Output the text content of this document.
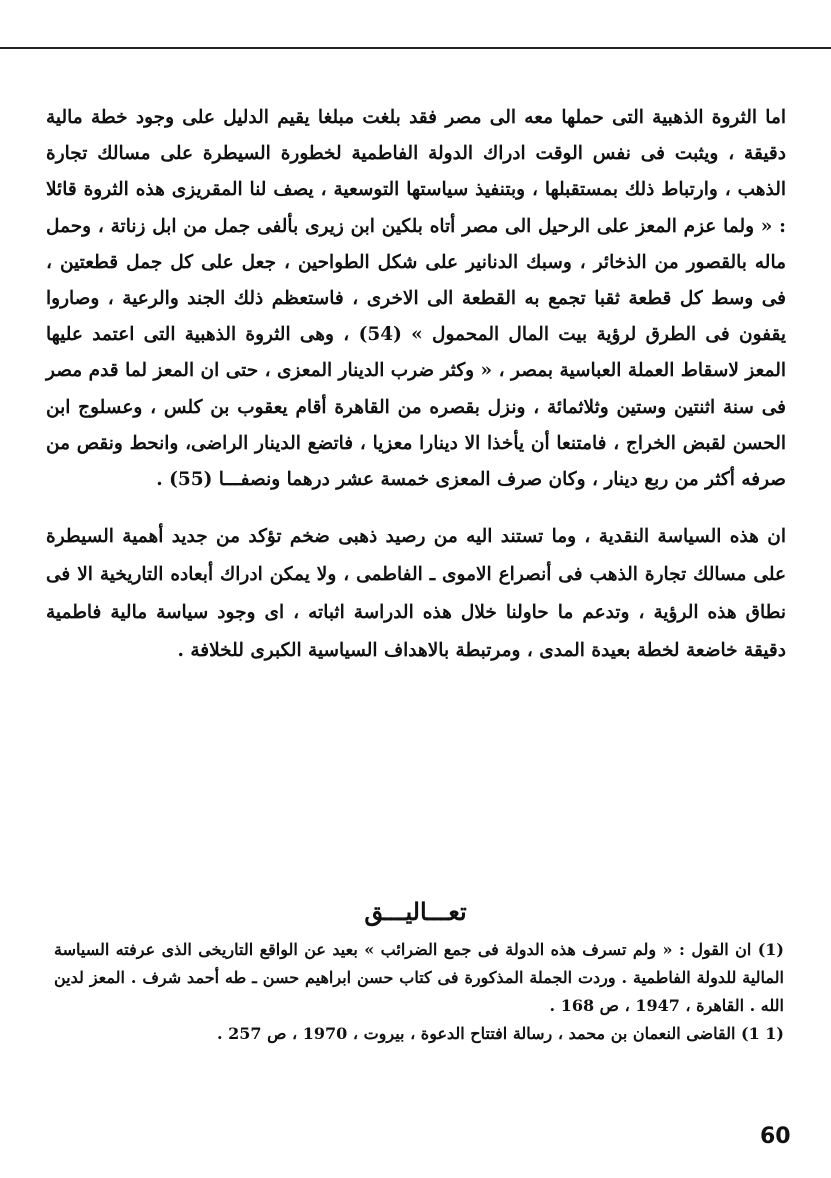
اما الثروة الذهبية التى حملها معه الى مصر فقد بلغت مبلغا يقيم الدليل على وجود خطة مالية دقيقة ، ويثبت فى نفس الوقت ادراك الدولة الفاطمية لخطورة السيطرة على مسالك تجارة الذهب ، وارتباط ذلك بمستقبلها ، وبتنفيذ سياستها التوسعية ، يصف لنا المقريزى هذه الثروة قائلا : « ولما عزم المعز على الرحيل الى مصر أتاه بلكين ابن زيرى بألفى جمل من ابل زناتة ، وحمل ماله بالقصور من الذخائر ، وسبك الدنانير على شكل الطواحين ، جعل على كل جمل قطعتين ، فى وسط كل قطعة ثقبا تجمع به القطعة الى الاخرى ، فاستعظم ذلك الجند والرعية ، وصاروا يقفون فى الطرق لرؤية بيت المال المحمول » (54) ، وهى الثروة الذهبية التى اعتمد عليها المعز لاسقاط العملة العباسية بمصر ، « وكثر ضرب الدينار المعزى ، حتى ان المعز لما قدم مصر فى سنة اثنتين وستين وثلاثمائة ، ونزل بقصره من القاهرة أقام يعقوب بن كلس ، وعسلوج ابن الحسن لقبض الخراج ، فامتنعا أن يأخذا الا دينارا معزيا ، فاتضع الدينار الراضى، وانحط ونقص من صرفه أكثر من ربع دينار ، وكان صرف المعزى خمسة عشر درهما ونصفـــا (55) .

ان هذه السياسة النقدية ، وما تستند اليه من رصيد ذهبى ضخم تؤكد من جديد أهمية السيطرة على مسالك تجارة الذهب فى أنصراع الاموى ـ الفاطمى ، ولا يمكن ادراك أبعاده التاريخية الا فى نطاق هذه الرؤية ، وتدعم ما حاولنا خلال هذه الدراسة اثباته ، اى وجود سياسة مالية فاطمية دقيقة خاضعة لخطة بعيدة المدى ، ومرتبطة بالاهداف السياسية الكبرى للخلافة .

تعـــاليـــق

(1) ان القول : « ولم تسرف هذه الدولة فى جمع الضرائب » بعيد عن الواقع التاريخى الذى عرفته السياسة المالية للدولة الفاطمية . وردت الجملة المذكورة فى كتاب حسن ابراهيم حسن ـ طه أحمد شرف . المعز لدين الله . القاهرة ، 1947 ، ص 168 .

(1 1) القاضى النعمان بن محمد ، رسالة افتتاح الدعوة ، بيروت ، 1970 ، ص 257 .

60
